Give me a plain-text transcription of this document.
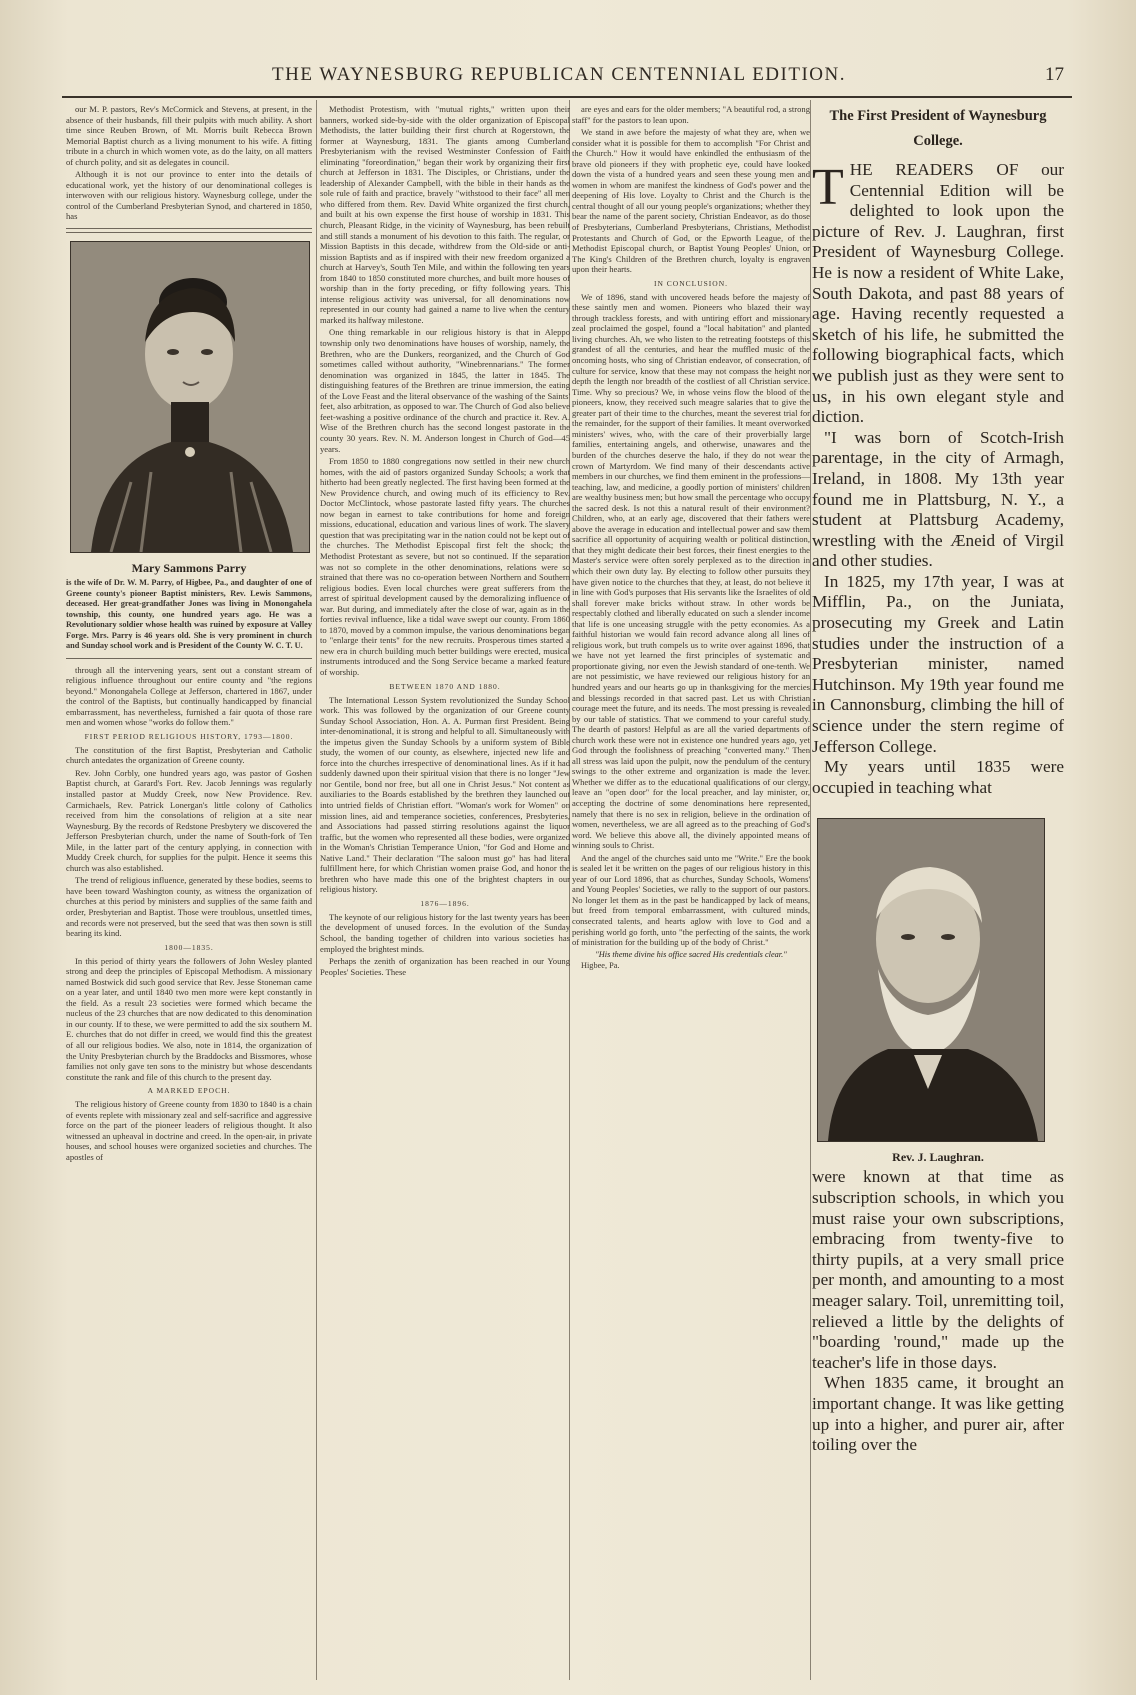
THE WAYNESBURG REPUBLICAN CENTENNIAL EDITION.	17

our M. P. pastors, Rev's McCormick and Stevens, at present, in the absence of their husbands, fill their pulpits with much ability. A short time since Reuben Brown, of Mt. Morris built Rebecca Brown Memorial Baptist church as a living monument to his wife. A fitting tribute in a church in which women vote, as do the laity, on all matters of church polity, and sit as delegates in council.

Although it is not our province to enter into the details of educational work, yet the history of our denominational colleges is interwoven with our religious history. Waynesburg college, under the control of the Cumberland Presbyterian Synod, and chartered in 1850, has

Mary Sammons Parry

is the wife of Dr. W. M. Parry, of Higbee, Pa., and daughter of one of Greene county's pioneer Baptist ministers, Rev. Lewis Sammons, deceased. Her great-grandfather Jones was living in Monongahela township, this county, one hundred years ago. He was a Revolutionary soldier whose health was ruined by exposure at Valley Forge. Mrs. Parry is 46 years old. She is very prominent in church and Sunday school work and is President of the County W. C. T. U.

through all the intervening years, sent out a constant stream of religious influence throughout our entire county and "the regions beyond." Monongahela College at Jefferson, chartered in 1867, under the control of the Baptists, but continually handicapped by financial embarrassment, has nevertheless, furnished a fair quota of those rare men and women whose "works do follow them."

FIRST PERIOD RELIGIOUS HISTORY, 1793—1800.

The constitution of the first Baptist, Presbyterian and Catholic church antedates the organization of Greene county.

Rev. John Corbly, one hundred years ago, was pastor of Goshen Baptist church, at Garard's Fort. Rev. Jacob Jennings was regularly installed pastor at Muddy Creek, now New Providence. Rev. Carmichaels, Rev. Patrick Lonergan's little colony of Catholics received from him the consolations of religion at a site near Waynesburg. By the records of Redstone Presbytery we discovered the Jefferson Presbyterian church, under the name of South-fork of Ten Mile, in the latter part of the century applying, in connection with Muddy Creek church, for supplies for the pulpit. Hence it seems this church was also established.

The trend of religious influence, generated by these bodies, seems to have been toward Washington county, as witness the organization of churches at this period by ministers and supplies of the same faith and order, Presbyterian and Baptist. Those were troublous, unsettled times, and records were not preserved, but the seed that was then sown is still bearing its kind.

1800—1835.

In this period of thirty years the followers of John Wesley planted strong and deep the principles of Episcopal Methodism. A missionary named Bostwick did such good service that Rev. Jesse Stoneman came on a year later, and until 1840 two men more were kept constantly in the field. As a result 23 societies were formed which became the nucleus of the 23 churches that are now dedicated to this denomination in our county. If to these, we were permitted to add the six southern M. E. churches that do not differ in creed, we would find this the greatest of all our religious bodies. We also, note in 1814, the organization of the Unity Presbyterian church by the Braddocks and Bissmores, whose families not only gave ten sons to the ministry but whose descendants constitute the rank and file of this church to the present day.

A MARKED EPOCH.

The religious history of Greene county from 1830 to 1840 is a chain of events replete with missionary zeal and self-sacrifice and aggressive force on the part of the pioneer leaders of religious thought. It also witnessed an upheaval in doctrine and creed. In the open-air, in private houses, and school houses were organized societies and churches. The apostles of

Methodist Protestism, with "mutual rights," written upon their banners, worked side-by-side with the older organization of Episcopal Methodists, the latter building their first church at Rogerstown, the former at Waynesburg, 1831. The giants among Cumberland Presbyterianism with the revised Westminster Confession of Faith eliminating "foreordination," began their work by organizing their first church at Jefferson in 1831. The Disciples, or Christians, under the leadership of Alexander Campbell, with the bible in their hands as the sole rule of faith and practice, bravely "withstood to their face" all men who differed from them. Rev. David White organized the first church, and built at his own expense the first house of worship in 1831. This church, Pleasant Ridge, in the vicinity of Waynesburg, has been rebuilt and still stands a monument of his devotion to this faith. The regular, or Mission Baptists in this decade, withdrew from the Old-side or anti-mission Baptists and as if inspired with their new freedom organized a church at Harvey's, South Ten Mile, and within the following ten years from 1840 to 1850 constituted more churches, and built more houses of worship than in the forty preceding, or fifty following years. This intense religious activity was universal, for all denominations now represented in our county had gained a name to live when the century marked its halfway milestone.

One thing remarkable in our religious history is that in Aleppo township only two denominations have houses of worship, namely, the Brethren, who are the Dunkers, reorganized, and the Church of God sometimes called without authority, "Winebrennarians." The former denomination was organized in 1845, the latter in 1845. The distinguishing features of the Brethren are trinue immersion, the eating of the Love Feast and the literal observance of the washing of the Saints' feet, also arbitration, as opposed to war. The Church of God also believe feet-washing a positive ordinance of the church and practice it. Rev. A. Wise of the Brethren church has the second longest pastorate in the county 30 years. Rev. N. M. Anderson longest in Church of God—45 years.

From 1850 to 1880 congregations now settled in their new church homes, with the aid of pastors organized Sunday Schools; a work that hitherto had been greatly neglected. The first having been formed at the New Providence church, and owing much of its efficiency to Rev. Doctor McClintock, whose pastorate lasted fifty years. The churches now began in earnest to take contributions for home and foreign missions, educational, education and various lines of work. The slavery question that was precipitating war in the nation could not be kept out of the churches. The Methodist Episcopal first felt the shock; the Methodist Protestant as severe, but not so continued. If the separation was not so complete in the other denominations, relations were so strained that there was no co-operation between Northern and Southern religious bodies. Even local churches were great sufferers from the arrest of spiritual development caused by the demoralizing influence of war. But during, and immediately after the close of war, again as in the forties revival influence, like a tidal wave swept our county. From 1860 to 1870, moved by a common impulse, the various denominations began to "enlarge their tents" for the new recruits. Prosperous times started a new era in church building much better buildings were erected, musical instruments introduced and the Song Service became a marked feature of worship.

BETWEEN 1870 AND 1880.

The International Lesson System revolutionized the Sunday School work. This was followed by the organization of our Greene county Sunday School Association, Hon. A. A. Purman first President. Being inter-denominational, it is strong and helpful to all. Simultaneously with the impetus given the Sunday Schools by a uniform system of Bible study, the women of our county, as elsewhere, injected new life and force into the churches irrespective of denominational lines. As if it had suddenly dawned upon their spiritual vision that there is no longer "Jew nor Gentile, bond nor free, but all one in Christ Jesus." Not content as auxiliaries to the Boards established by the brethren they launched out into untried fields of Christian effort. "Woman's work for Women" on mission lines, aid and temperance societies, conferences, Presbyteries, and Associations had passed stirring resolutions against the liquor traffic, but the women who represented all these bodies, were organized in the Woman's Christian Temperance Union, "for God and Home and Native Land." Their declaration "The saloon must go" has had literal fulfillment here, for which Christian women praise God, and honor the brethren who have made this one of the brightest chapters in our religious history.

1876—1896.

The keynote of our religious history for the last twenty years has been the development of unused forces. In the evolution of the Sunday School, the banding together of children into various societies has employed the brightest minds.

Perhaps the zenith of organization has been reached in our Young Peoples' Societies. These

are eyes and ears for the older members; "A beautiful rod, a strong staff" for the pastors to lean upon.

We stand in awe before the majesty of what they are, when we consider what it is possible for them to accomplish "For Christ and the Church." How it would have enkindled the enthusiasm of the brave old pioneers if they with prophetic eye, could have looked down the vista of a hundred years and seen these young men and women in whom are manifest the kindness of God's power and the deepening of His love. Loyalty to Christ and the Church is the central thought of all our young people's organizations; whether they bear the name of the parent society, Christian Endeavor, as do those of Presbyterians, Cumberland Presbyterians, Christians, Methodist Protestants and Church of God, or the Epworth League, of the Methodist Episcopal church, or Baptist Young Peoples' Union, or The King's Children of the Brethren church, loyalty is engraven upon their hearts.

IN CONCLUSION.

We of 1896, stand with uncovered heads before the majesty of these saintly men and women. Pioneers who blazed their way through trackless forests, and with untiring effort and missionary zeal proclaimed the gospel, found a "local habitation" and planted living churches. Ah, we who listen to the retreating footsteps of this grandest of all the centuries, and hear the muffled music of the oncoming hosts, who sing of Christian endeavor, of consecration, of culture for service, know that these may not compass the height nor depth the length nor breadth of the costliest of all Christian service. Time. Why so precious? We, in whose veins flow the blood of the pioneers, know, they received such meagre salaries that to give the greater part of their time to the churches, meant the severest trial for the remainder, for the support of their families. It meant overworked ministers' wives, who, with the care of their proverbially large families, entertaining angels, and otherwise, unawares and the burden of the churches deserve the halo, if they do not wear the crown of Martyrdom. We find many of their descendants active members in our churches, we find them eminent in the professions—teaching, law, and medicine, a goodly portion of ministers' children are wealthy business men; but how small the percentage who occupy the sacred desk. Is not this a natural result of their environment? Children, who, at an early age, discovered that their fathers were above the average in education and intellectual power and saw them sacrifice all opportunity of acquiring wealth or political distinction, that they might dedicate their best forces, their finest energies to the Master's service were often sorely perplexed as to the direction in which their own duty lay. By electing to follow other pursuits they have given notice to the churches that they, at least, do not believe it in line with God's purposes that His servants like the Israelites of old shall forever make bricks without straw. In other words be respectably clothed and liberally educated on such a slender income that life is one unceasing struggle with the petty economies. As a faithful historian we would fain record advance along all lines of religious work, but truth compels us to write over against 1896, that we have not yet learned the first principles of systematic and proportionate giving, nor even the Jewish standard of one-tenth. We are not pessimistic, we have reviewed our religious history for an hundred years and our hearts go up in thanksgiving for the mercies and blessings recorded in that sacred past. Let us with Christian courage meet the future, and its needs. The most pressing is revealed by our table of statistics. That we commend to your careful study. The dearth of pastors! Helpful as are all the varied departments of church work these were not in existence one hundred years ago, yet God through the foolishness of preaching "converted many." Then all stress was laid upon the pulpit, now the pendulum of the century swings to the other extreme and organization is made the lever. Whether we differ as to the educational qualifications of our clergy, leave an "open door" for the local preacher, and lay minister, or, accepting the doctrine of some denominations here represented, namely that there is no sex in religion, believe in the ordination of women, nevertheless, we are all agreed as to the preaching of God's word. We believe this above all, the divinely appointed means of winning souls to Christ.

And the angel of the churches said unto me "Write." Ere the book is sealed let it be written on the pages of our religious history in this year of our Lord 1896, that as churches, Sunday Schools, Womens' and Young Peoples' Societies, we rally to the support of our pastors. No longer let them as in the past be handicapped by lack of means, but freed from temporal embarrassment, with cultured minds, consecrated talents, and hearts aglow with love to God and a perishing world go forth, unto "the perfecting of the saints, the work of ministration for the building up of the body of Christ."

"His theme divine his office sacred His credentials clear."

Higbee, Pa.

The First President of Waynesburg College.

THE READERS OF our Centennial Edition will be delighted to look upon the picture of Rev. J. Laughran, first President of Waynesburg College. He is now a resident of White Lake, South Dakota, and past 88 years of age. Having recently requested a sketch of his life, he submitted the following biographical facts, which we publish just as they were sent to us, in his own elegant style and diction.

"I was born of Scotch-Irish parentage, in the city of Armagh, Ireland, in 1808. My 13th year found me in Plattsburg, N. Y., a student at Plattsburg Academy, wrestling with the Æneid of Virgil and other studies.

In 1825, my 17th year, I was at Mifflin, Pa., on the Juniata, prosecuting my Greek and Latin studies under the instruction of a Presbyterian minister, named Hutchinson. My 19th year found me in Cannonsburg, climbing the hill of science under the stern regime of Jefferson College.

My years until 1835 were occupied in teaching what

Rev. J. Laughran.

were known at that time as subscription schools, in which you must raise your own subscriptions, embracing from twenty-five to thirty pupils, at a very small price per month, and amounting to a most meager salary. Toil, unremitting toil, relieved a little by the delights of "boarding 'round," made up the teacher's life in those days.

When 1835 came, it brought an important change. It was like getting up into a higher, and purer air, after toiling over the
